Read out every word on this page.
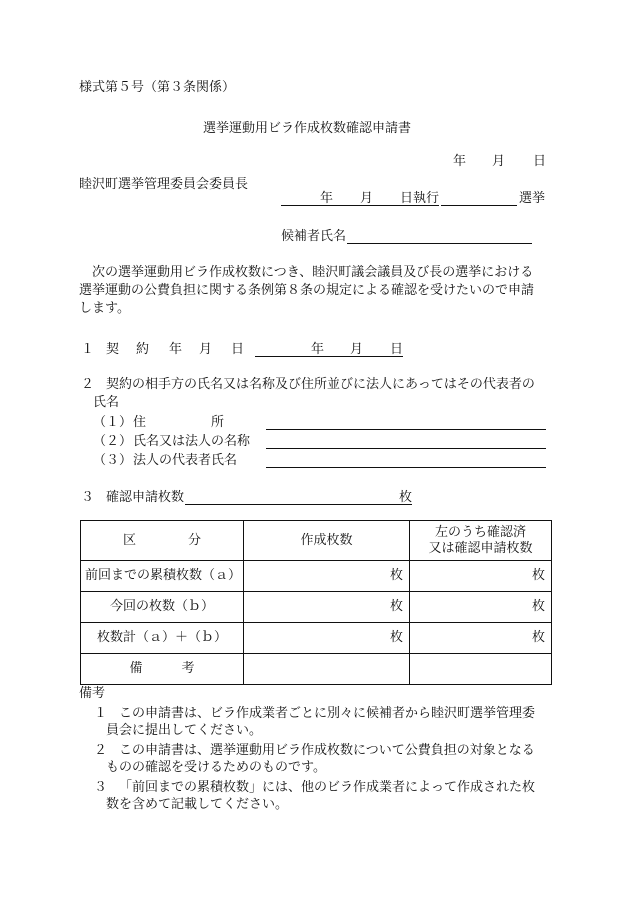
様式第５号（第３条関係）
選挙運動用ビラ作成枚数確認申請書
年 月 日
睦沢町選挙管理委員会委員長
年 月 日 執行	選挙
候補者氏名
次の選挙運動用ビラ作成枚数につき、睦沢町議会議員及び長の選挙における
選挙運動の公費負担に関する条例第８条の規定による確認を受けたいので申請
します。
１ 契 約 年 月 日	年 月 日
２ 契約の相手方の氏名又は名称及び住所並びに法人にあってはその代表者の
氏名
（１） 住　　　　　所
（２） 氏名又は法人の名称
（３） 法人の代表者氏名
３ 確認申請枚数	枚
区　　　　分	作成枚数	左のうち確認済
又は確認申請枚数

前回までの累積枚数（ａ）	枚	枚
今回の枚数（ｂ）	枚	枚
枚数計（ａ）＋（ｂ）	枚	枚
備　　　考		
備考
１ この申請書は、ビラ作成業者ごとに別々に候補者から睦沢町選挙管理委
員会に提出してください。
２ この申請書は、選挙運動用ビラ作成枚数について公費負担の対象となる
ものの確認を受けるためのものです。
３ 「前回までの累積枚数」には、他のビラ作成業者によって作成された枚
数を含めて記載してください。
